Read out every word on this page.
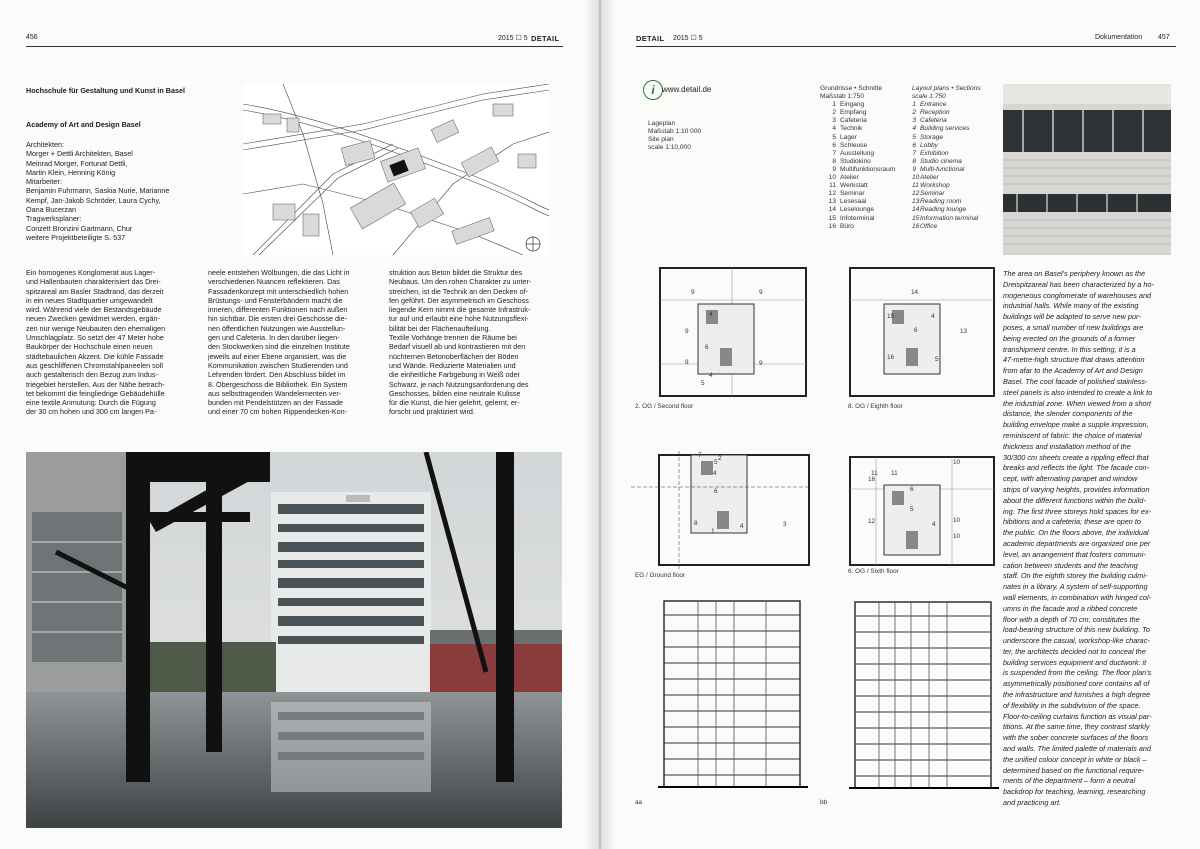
456	2015 ☐ 5 DETAIL
Hochschule für Gestaltung und Kunst in Basel
Academy of Art and Design Basel
Architekten:
Morger + Dettli Architekten, Basel
Meinrad Morger, Fortunat Dettli,
Martin Klein, Henning König
Mitarbeiter:
Benjamin Fuhrmann, Saskia Nurie, Marianne
Kempf, Jan-Jakob Schröder, Laura Cychy,
Oana Bucerzan
Tragwerksplaner:
Conzett Bronzini Gartmann, Chur
weitere Projektbeteiligte S. 537
Ein homogenes Konglomerat aus Lager-
und Hallenbauten charakterisiert das Drei-
spitzareal am Basler Stadtrand, das derzeit
in ein neues Stadtquartier umgewandelt
wird. Während viele der Bestandsgebäude
neuen Zwecken gewidmet werden, ergän-
zen nur wenige Neubauten den ehemaligen
Umschlagplatz. So setzt der 47 Meter hohe
Baukörper der Hochschule einen neuen
städtebaulichen Akzent. Die kühle Fassade
aus geschliffenen Chromstahlpaneelen soll
auch gestalterisch den Bezug zum Indus-
triegebiet herstellen. Aus der Nähe betrach-
tet bekommt die feingliedrige Gebäudehülle
eine textile Anmutung: Durch die Fügung
der 30 cm hohen und 300 cm langen Pa-
neele entstehen Wölbungen, die das Licht in
verschiedenen Nuancen reflektieren. Das
Fassadenkonzept mit unterschiedlich hohen
Brüstungs- und Fensterbändern macht die
inneren, differenten Funktionen nach außen
hin sichtbar. Die ersten drei Geschosse die-
nen öffentlichen Nutzungen wie Ausstellun-
gen und Cafeteria. In den darüber liegen-
den Stockwerken sind die einzelnen Institute
jeweils auf einer Ebene organisiert, was die
Kommunikation zwischen Studierenden und
Lehrenden fördert. Den Abschluss bildet im
8. Obergeschoss die Bibliothek. Ein System
aus selbsttragenden Wandelementen ver-
bunden mit Pendelstützen an der Fassade
und einer 70 cm hohen Rippendecken-Kon-
struktion aus Beton bildet die Struktur des
Neubaus. Um den rohen Charakter zu unter-
streichen, ist die Technik an den Decken of-
fen geführt. Der asymmetrisch im Geschoss
liegende Kern nimmt die gesamte Infrastruk-
tur auf und erlaubt eine hohe Nutzungsflexi-
bilität bei der Flächenaufteilung.
Textile Vorhänge trennen die Räume bei
Bedarf visuell ab und kontrastieren mit den
nüchternen Betonoberflächen der Böden
und Wände. Reduzierte Materialien und
die einheitliche Farbgebung in Weiß oder
Schwarz, je nach Nutzungsanforderung des
Geschosses, bilden eine neutrale Kulisse
für die Kunst, die hier gelehrt, gelernt, er-
forscht und praktiziert wird.
DETAIL 2015 ☐ 5	Dokumentation 457
i www.detail.de
Lageplan
Maßstab 1:10 000
Site plan
scale 1:10,000
Grundrisse • Schnitte
Maßstab 1:750
1 Eingang
2 Empfang
3 Cafeteria
4 Technik
5 Lager
6 Schleuse
7 Ausstellung
8 Studiokino
9 Multifunktionsraum
10 Atelier
11 Werkstatt
12 Seminar
13 Lesesaal
14 Leselounge
15 Infoterminal
16 Büro
Layout plans • Sections
scale 1:750
1 Entrance
2 Reception
3 Cafeteria
4 Building services
5 Storage
6 Lobby
7 Exhibition
8 Studio cinema
9 Multi-functional
10Atelier
11Workshop
12Seminar
13Reading room
14Reading lounge
15Information terminal
16Office
9	9
9
4
9
9
4
6
5
14
15	4
6	13
16	5
7
5
4
2
6
1
8	4	3
11 11
10
16
6
10
12
5
4
10
2. OG / Second floor	8. OG / Eighth floor
EG / Ground floor
6. OG / Sixth floor
aa	bb
The area on Basel's periphery known as the
Dreispitzareal has been characterized by a ho-
mogeneous conglomerate of warehouses and
industrial halls. While many of the existing
buildings will be adapted to serve new pur-
poses, a small number of new buildings are
being erected on the grounds of a former
transhipment centre. In this setting, it is a
47-metre-high structure that draws attention
from afar to the Academy of Art and Design
Basel. The cool facade of polished stainless-
steel panels is also intended to create a link to
the industrial zone. When viewed from a short
distance, the slender components of the
building envelope make a supple impression,
reminiscent of fabric: the choice of material
thickness and installation method of the
30/300 cm sheets create a rippling effect that
breaks and reflects the light. The facade con-
cept, with alternating parapet and window
strips of varying heights, provides information
about the different functions within the build-
ing. The first three storeys hold spaces for ex-
hibitions and a cafeteria; these are open to
the public. On the floors above, the individual
academic departments are organized one per
level, an arrangement that fosters communi-
cation between students and the teaching
staff. On the eighth storey the building culmi-
nates in a library. A system of self-supporting
wall elements, in combination with hinged col-
umns in the facade and a ribbed concrete
floor with a depth of 70 cm, constitutes the
load-bearing structure of this new building. To
underscore the casual, workshop-like charac-
ter, the architects decided not to conceal the
building services equipment and ductwork: it
is suspended from the ceiling. The floor plan's
asymmetrically positioned core contains all of
the infrastructure and furnishes a high degree
of flexibility in the subdivision of the space.
Floor-to-ceiling curtains function as visual par-
titions. At the same time, they contrast starkly
with the sober concrete surfaces of the floors
and walls. The limited palette of materials and
the unified colour concept in white or black –
determined based on the functional require-
ments of the department – form a neutral
backdrop for teaching, learning, researching
and practicing art.
